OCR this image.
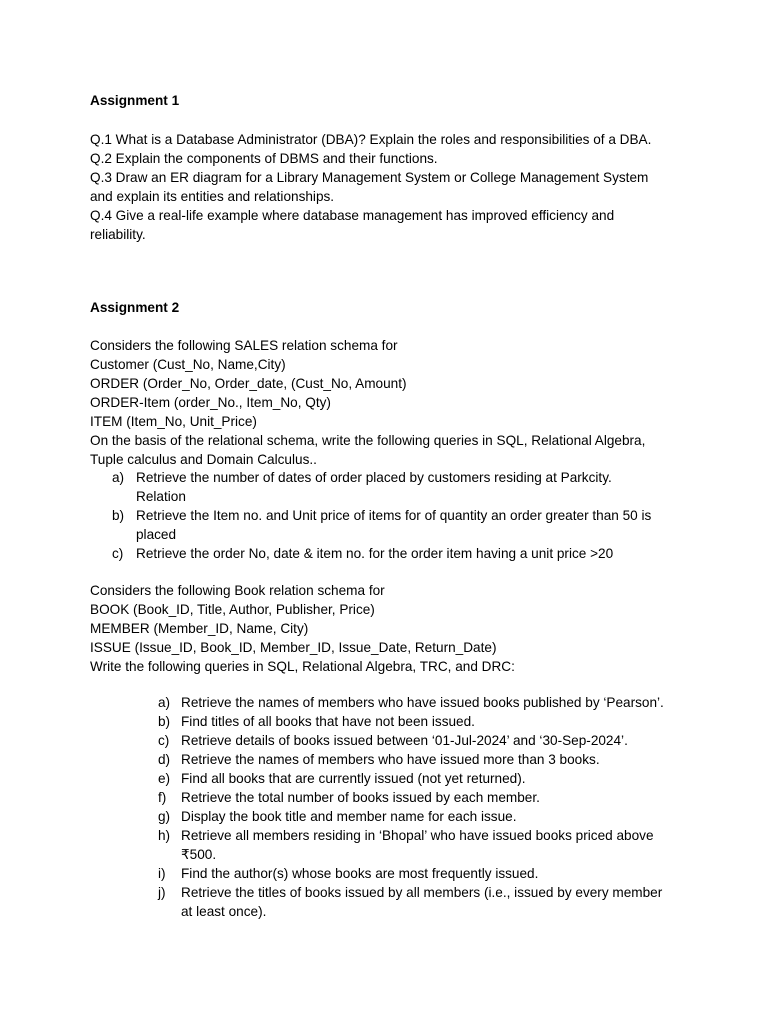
Assignment 1
Q.1 What is a Database Administrator (DBA)? Explain the roles and responsibilities of a DBA.
Q.2 Explain the components of DBMS and their functions.
Q.3 Draw an ER diagram for a Library Management System or College Management System
and explain its entities and relationships.
Q.4 Give a real-life example where database management has improved efficiency and
reliability.
Assignment 2
Considers the following SALES relation schema for
Customer (Cust_No, Name,City)
ORDER (Order_No, Order_date, (Cust_No, Amount)
ORDER-Item (order_No., Item_No, Qty)
ITEM (Item_No, Unit_Price)
On the basis of the relational schema, write the following queries in SQL, Relational Algebra,
Tuple calculus and Domain Calculus..
a) Retrieve the number of dates of order placed by customers residing at Parkcity.
Relation
b) Retrieve the Item no. and Unit price of items for of quantity an order greater than 50 is
placed
c) Retrieve the order No, date & item no. for the order item having a unit price >20
Considers the following Book relation schema for
BOOK (Book_ID, Title, Author, Publisher, Price)
MEMBER (Member_ID, Name, City)
ISSUE (Issue_ID, Book_ID, Member_ID, Issue_Date, Return_Date)
Write the following queries in SQL, Relational Algebra, TRC, and DRC:
a) Retrieve the names of members who have issued books published by ‘Pearson’.
b) Find titles of all books that have not been issued.
c) Retrieve details of books issued between ‘01-Jul-2024’ and ‘30-Sep-2024’.
d) Retrieve the names of members who have issued more than 3 books.
e) Find all books that are currently issued (not yet returned).
f) Retrieve the total number of books issued by each member.
g) Display the book title and member name for each issue.
h) Retrieve all members residing in ‘Bhopal’ who have issued books priced above
₹500.
i) Find the author(s) whose books are most frequently issued.
j) Retrieve the titles of books issued by all members (i.e., issued by every member
at least once).
